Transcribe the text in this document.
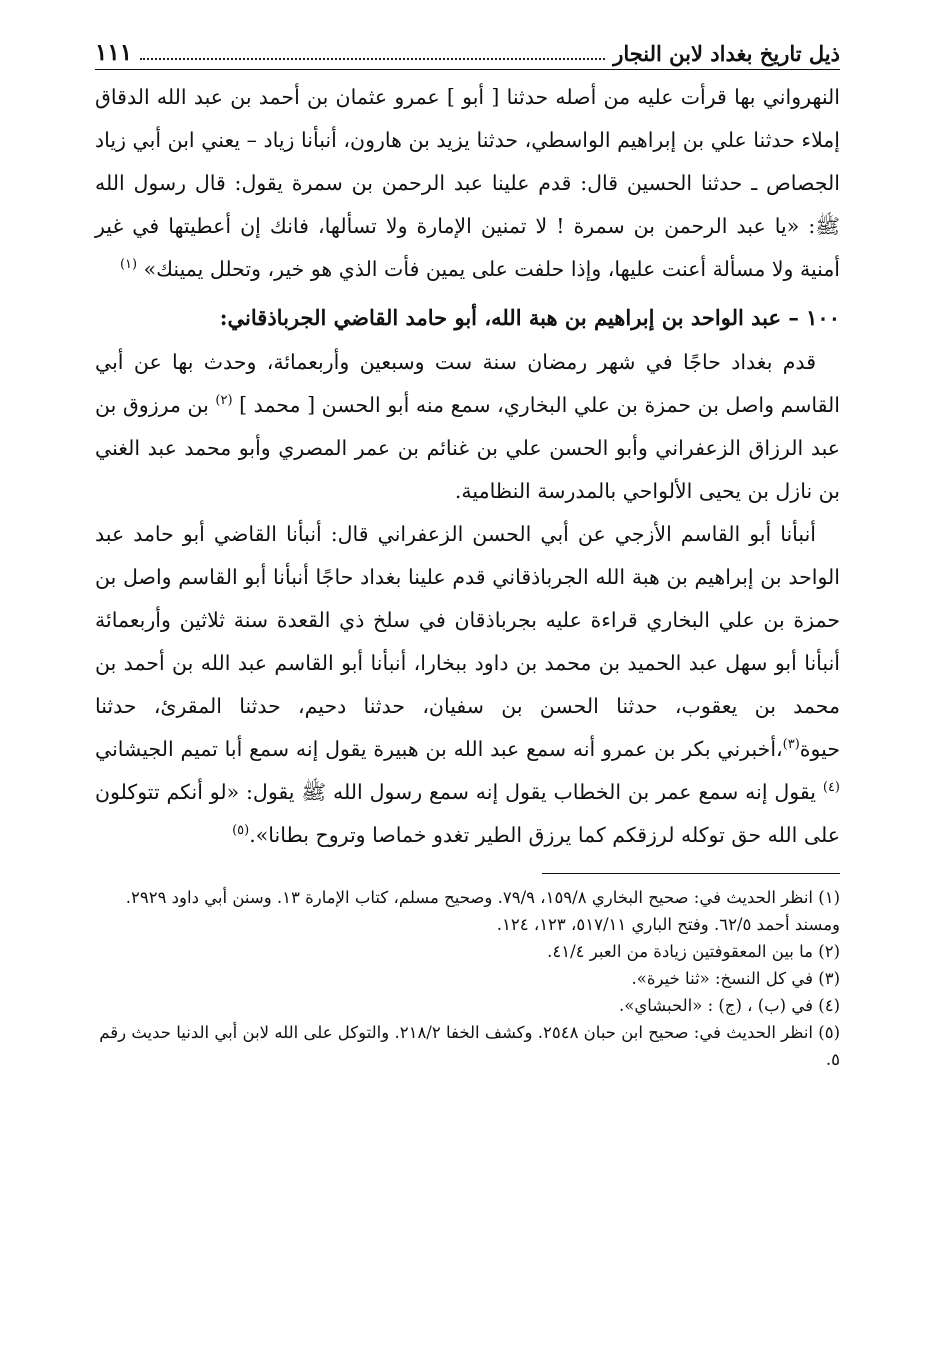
ذيل تاريخ بغداد لابن النجار
١١١

النهرواني بها قرأت عليه من أصله حدثنا [ أبو ] عمرو عثمان بن أحمد بن عبد الله الدقاق إملاء حدثنا علي بن إبراهيم الواسطي، حدثنا يزيد بن هارون، أنبأنا زياد – يعني ابن أبي زياد الجصاص ـ حدثنا الحسين قال: قدم علينا عبد الرحمن بن سمرة يقول: قال رسول الله ﷺ: «يا عبد الرحمن بن سمرة ! لا تمنين الإمارة ولا تسألها، فانك إن أعطيتها في غير أمنية ولا مسألة أعنت عليها، وإذا حلفت على يمين فأت الذي هو خير، وتحلل يمينك» $^{(١)}$

١٠٠ – عبد الواحد بن إبراهيم بن هبة الله، أبو حامد القاضي الجرباذقاني:

قدم بغداد حاجًا في شهر رمضان سنة ست وسبعين وأربعمائة، وحدث بها عن أبي القاسم واصل بن حمزة بن علي البخاري، سمع منه أبو الحسن [ محمد ] $^{(٢)}$ بن مرزوق بن عبد الرزاق الزعفراني وأبو الحسن علي بن غنائم بن عمر المصري وأبو محمد عبد الغني بن نازل بن يحيى الألواحي بالمدرسة النظامية.

أنبأنا أبو القاسم الأزجي عن أبي الحسن الزعفراني قال: أنبأنا القاضي أبو حامد عبد الواحد بن إبراهيم بن هبة الله الجرباذقاني قدم علينا بغداد حاجًا أنبأنا أبو القاسم واصل بن حمزة بن علي البخاري قراءة عليه بجرباذقان في سلخ ذي القعدة سنة ثلاثين وأربعمائة أنبأنا أبو سهل عبد الحميد بن محمد بن داود ببخارا، أنبأنا أبو القاسم عبد الله بن أحمد بن محمد بن يعقوب، حدثنا الحسن بن سفيان، حدثنا دحيم، حدثنا المقرئ، حدثنا حيوة$^{(٣)}$،أخبرني بكر بن عمرو أنه سمع عبد الله بن هبيرة يقول إنه سمع أبا تميم الجيشاني $^{(٤)}$ يقول إنه سمع عمر بن الخطاب يقول إنه سمع رسول الله ﷺ يقول: «لو أنكم تتوكلون على الله حق توكله لرزقكم كما يرزق الطير تغدو خماصا وتروح بطانا».$^{(٥)}$

(١) انظر الحديث في: صحيح البخاري ١٥٩/٨، ٧٩/٩. وصحيح مسلم، كتاب الإمارة ١٣. وسنن أبي داود ٢٩٢٩. ومسند أحمد ٦٢/٥. وفتح الباري ٥١٧/١١، ١٢٣، ١٢٤.

(٢) ما بين المعقوفتين زيادة من العبر ٤١/٤.

(٣) في كل النسخ: «ثنا خيرة».

(٤) في (ب) ، (ج) : «الحبشاي».

(٥) انظر الحديث في: صحيح ابن حبان ٢٥٤٨. وكشف الخفا ٢١٨/٢. والتوكل على الله لابن أبي الدنيا حديث رقم ٥.
